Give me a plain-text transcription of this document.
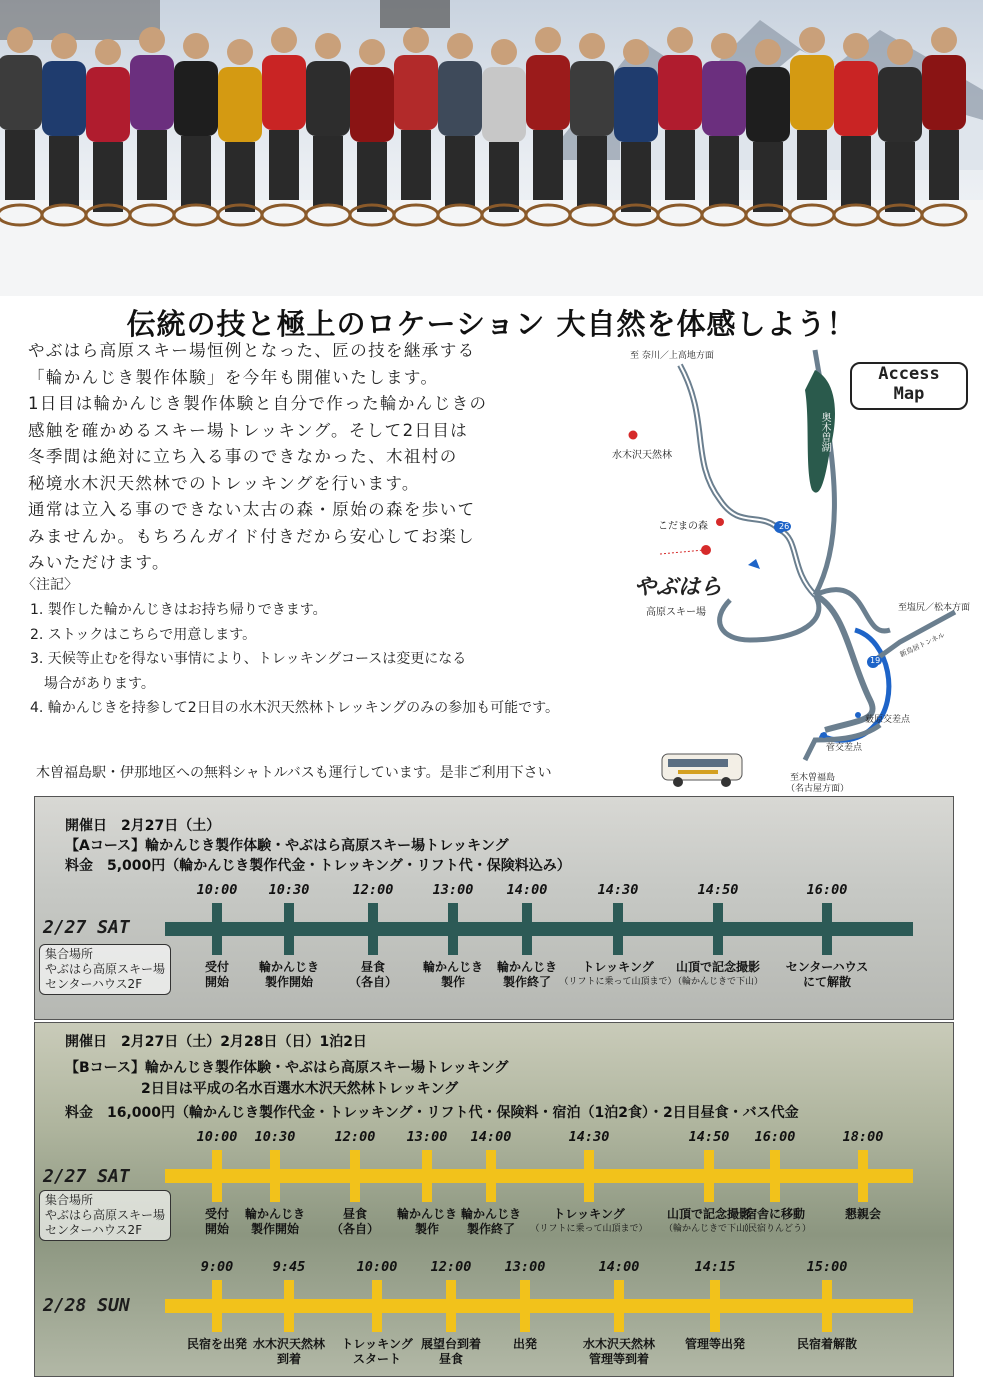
伝統の技と極上のロケーション 大自然を体感しよう！
やぶはら高原スキー場恒例となった、匠の技を継承する
「輪かんじき製作体験」を今年も開催いたします。
1日目は輪かんじき製作体験と自分で作った輪かんじきの
感触を確かめるスキー場トレッキング。そして2日目は
冬季間は絶対に立ち入る事のできなかった、木祖村の
秘境水木沢天然林でのトレッキングを行います。
通常は立入る事のできない太古の森・原始の森を歩いて
みませんか。もちろんガイド付きだから安心してお楽し
みいただけます。
〈注記〉
1. 製作した輪かんじきはお持ち帰りできます。
2. ストックはこちらで用意します。
3. 天候等止むを得ない事情により、トレッキングコースは変更になる
場合があります。
4. 輪かんじきを持参して2日目の水木沢天然林トレッキングのみの参加も可能です。
木曽福島駅・伊那地区への無料シャトルバスも運行しています。是非ご利用下さい
Access
Map
至 奈川／上高地方面
水木沢天然林
奥木曽湖
こだまの森
やぶはら
高原スキー場	至塩尻／松本方面
新鳥居トンネル
26
19
薮原交差点
菅交差点
至木曽福島
（名古屋方面）
開催日　2月27日（土）
【Aコース】輪かんじき製作体験・やぶはら高原スキー場トレッキング
料金　5,000円（輪かんじき製作代金・トレッキング・リフト代・保険料込み）
2/27 SAT
10:00
受付
開始
10:30
輪かんじき
製作開始
12:00
昼食
（各自）
13:00
輪かんじき
製作
14:00
輪かんじき
製作終了
14:30
トレッキング
（リフトに乗って山頂まで）
14:50
山頂で記念撮影
（輪かんじきで下山）
16:00
センターハウス
にて解散
集合場所
やぶはら高原スキー場
センターハウス2F
開催日　2月27日（土）2月28日（日）1泊2日
【Bコース】輪かんじき製作体験・やぶはら高原スキー場トレッキング
2日目は平成の名水百選水木沢天然林トレッキング
料金　16,000円（輪かんじき製作代金・トレッキング・リフト代・保険料・宿泊（1泊2食）・2日目昼食・バス代金
2/27 SAT
集合場所
やぶはら高原スキー場
センターハウス2F
2/28 SUN
10:00
受付
開始
10:30
輪かんじき
製作開始
12:00
昼食
（各自）
13:00
輪かんじき
製作
14:00
輪かんじき
製作終了
14:30
トレッキング
（リフトに乗って山頂まで）
14:50
山頂で記念撮影
（輪かんじきで下山）
16:00
宿舎に移動
（民宿りんどう）
18:00
懇親会
9:00
民宿を出発
9:45
水木沢天然林
到着
10:00
トレッキング
スタート
12:00
展望台到着
昼食
13:00
出発
14:00
水木沢天然林
管理等到着
14:15
管理等出発
15:00
民宿着解散
